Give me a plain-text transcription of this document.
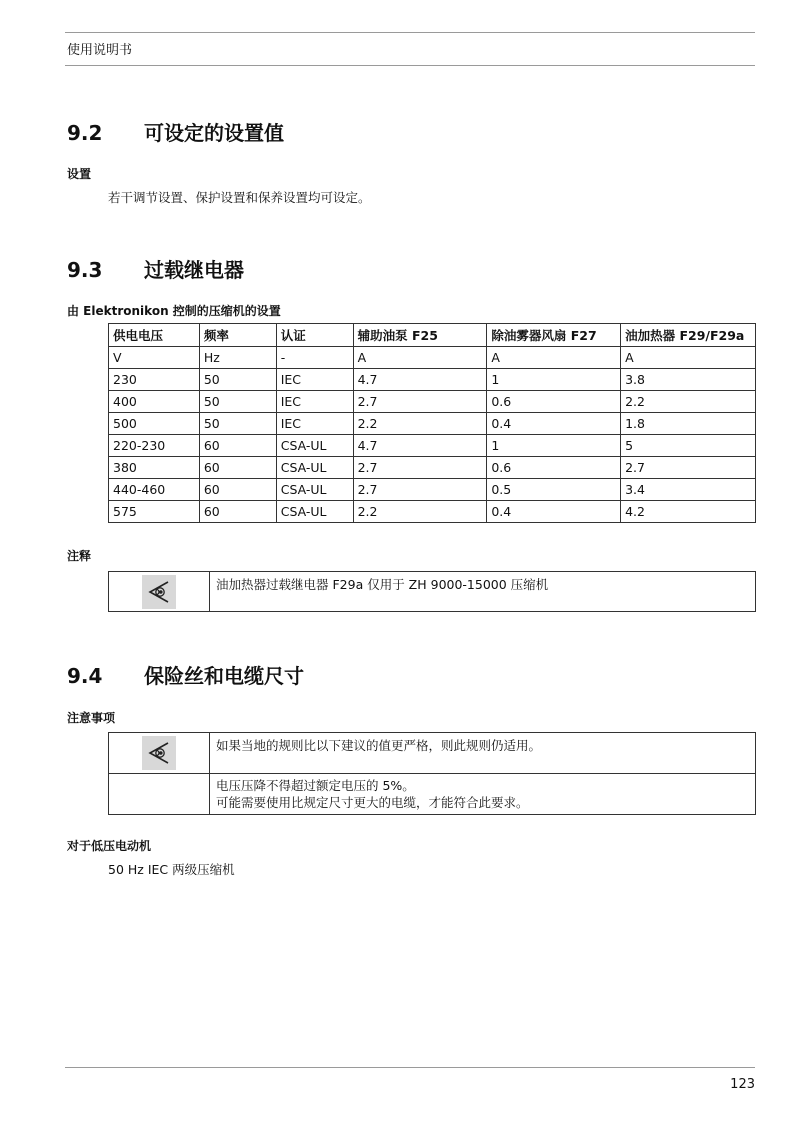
使用说明书
9.2 可设定的设置值
设置
若干调节设置、保护设置和保养设置均可设定。
9.3 过载继电器
由 Elektronikon 控制的压缩机的设置
供电电压	频率	认证	辅助油泵 F25	除油雾器风扇 F27	油加热器 F29/F29a
V	Hz	-	A	A	A
230	50	IEC	4.7	1	3.8
400	50	IEC	2.7	0.6	2.2
500	50	IEC	2.2	0.4	1.8
220-230	60	CSA-UL	4.7	1	5
380	60	CSA-UL	2.7	0.6	2.7
440-460	60	CSA-UL	2.7	0.5	3.4
575	60	CSA-UL	2.2	0.4	4.2
注释
	油加热器过载继电器 F29a 仅用于 ZH 9000-15000 压缩机
9.4 保险丝和电缆尺寸
注意事项
	如果当地的规则比以下建议的值更严格，则此规则仍适用。

	电压压降不得超过额定电压的 5%。
可能需要使用比规定尺寸更大的电缆，才能符合此要求。
对于低压电动机
50 Hz IEC 两级压缩机
123
